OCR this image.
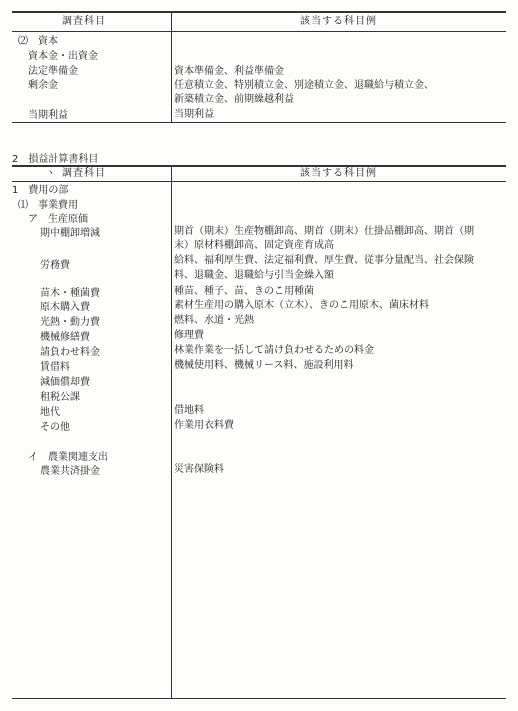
調査科目	該当する科目例
⑵　資本
資本金・出資金
法定準備金	資本準備金、利益準備金
剰余金	任意積立金、特別積立金、別途積立金、退職給与積立金、
新築積立金、前期繰越利益
当期利益	当期利益
2　損益計算書科目
丶 調査科目	該当する科目例
1　費用の部
⑴　事業費用
ア　生産原価
期中棚卸増減	期首（期末）生産物棚卸高、期首（期末）仕掛品棚卸高、期首（期
末）原材料棚卸高、固定資産育成高
労務費	給料、福利厚生費、法定福利費、厚生費、従事分量配当、社会保険
料、退職金、退職給与引当金繰入額
苗木・種菌費	種苗、種子、苗、きのこ用種菌
原木購入費	素材生産用の購入原木（立木）、きのこ用原木、菌床材料
光熱・動力費	燃料、水道・光熱
機械修繕費	修理費
請負わせ料金	林業作業を一括して請け負わせるための料金
賃借料	機械使用料、機械リース料、施設利用料
減価償却費
租税公課
地代	借地料
その他	作業用衣料費
イ　農業関連支出
農業共済掛金	災害保険料
